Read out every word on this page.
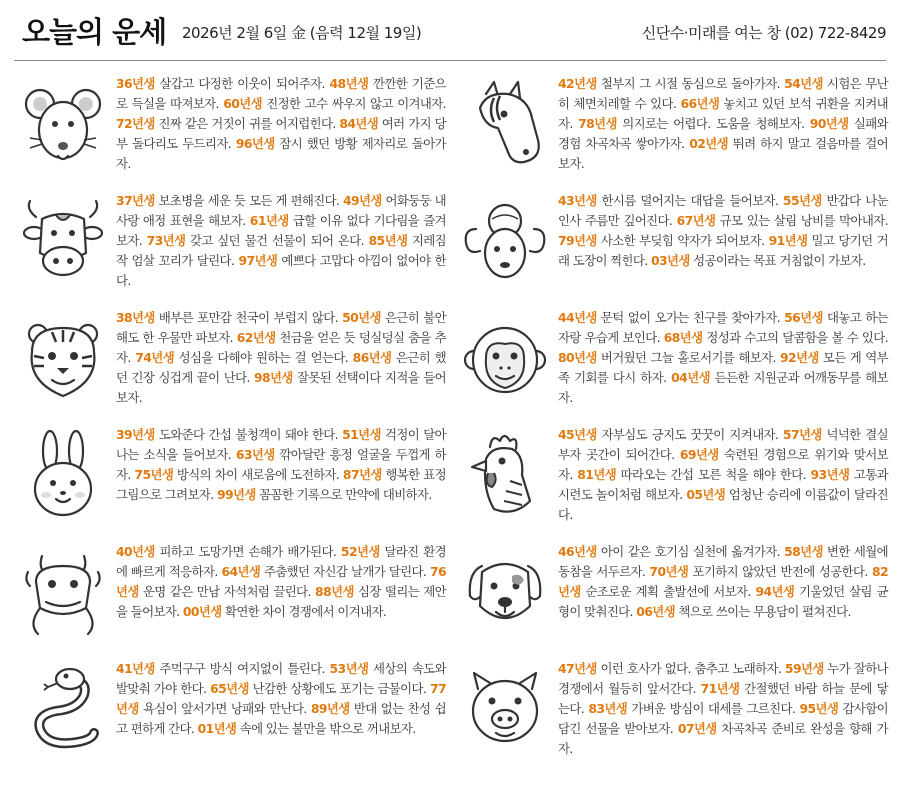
오늘의 운세 2026년 2월 6일 金 (음력 12월 19일)	신단수·미래를 여는 창 (02) 722-8429
36년생 살갑고 다정한 이웃이 되어주자. 48년생 깐깐한 기준으로 득실을 따져보자. 60년생 진정한 고수 싸우지 않고 이겨내자. 72년생 진짜 같은 거짓이 귀를 어지럽힌다. 84년생 여러 가지 당부 돌다리도 두드리자. 96년생 잠시 했던 방황 제자리로 돌아가자.
37년생 보초병을 세운 듯 모든 게 편해진다. 49년생 어화둥둥 내 사랑 애정 표현을 해보자. 61년생 급할 이유 없다 기다림을 즐겨보자. 73년생 갖고 싶던 물건 선물이 되어 온다. 85년생 지레짐작 엄살 꼬리가 달린다. 97년생 예쁘다 고맙다 아낌이 없어야 한다.
38년생 배부른 포만감 천국이 부럽지 않다. 50년생 은근히 불안해도 한 우물만 파보자. 62년생 천금을 얻은 듯 덩실덩실 춤을 추자. 74년생 성심을 다해야 원하는 걸 얻는다. 86년생 은근히 했던 긴장 싱겁게 끝이 난다. 98년생 잘못된 선택이다 지적을 들어보자.
39년생 도와준다 간섭 불청객이 돼야 한다. 51년생 걱정이 달아나는 소식을 들어보자. 63년생 깎아달란 흥정 얼굴을 두껍게 하자. 75년생 방식의 차이 새로움에 도전하자. 87년생 행복한 표정 그림으로 그려보자. 99년생 꼼꼼한 기록으로 만약에 대비하자.
40년생 피하고 도망가면 손해가 배가된다. 52년생 달라진 환경에 빠르게 적응하자. 64년생 주춤했던 자신감 날개가 달린다. 76년생 운명 같은 만남 자석처럼 끌린다. 88년생 심장 떨리는 제안을 들어보자. 00년생 확연한 차이 경쟁에서 이겨내자.
41년생 주먹구구 방식 여지없이 틀린다. 53년생 세상의 속도와 발맞춰 가야 한다. 65년생 난감한 상황에도 포기는 금물이다. 77년생 욕심이 앞서가면 낭패와 만난다. 89년생 반대 없는 찬성 쉽고 편하게 간다. 01년생 속에 있는 불만을 밖으로 꺼내보자.
42년생 철부지 그 시절 동심으로 돌아가자. 54년생 시험은 무난히 체면치레할 수 있다. 66년생 놓치고 있던 보석 귀환을 지켜내자. 78년생 의지로는 어렵다. 도움을 청해보자. 90년생 실패와 경험 차곡차곡 쌓아가자. 02년생 뛰려 하지 말고 걸음마를 걸어보자.
43년생 한시름 덜어지는 대답을 들어보자. 55년생 반갑다 나눈 인사 주름만 깊어진다. 67년생 규모 있는 살림 낭비를 막아내자. 79년생 사소한 부딪힘 약자가 되어보자. 91년생 밀고 당기던 거래 도장이 찍힌다. 03년생 성공이라는 목표 거침없이 가보자.
44년생 문턱 없이 오가는 친구를 찾아가자. 56년생 대놓고 하는 자랑 우습게 보인다. 68년생 정성과 수고의 달콤함을 볼 수 있다. 80년생 버거웠던 그늘 홀로서기를 해보자. 92년생 모든 게 역부족 기회를 다시 하자. 04년생 든든한 지원군과 어깨동무를 해보자.
45년생 자부심도 긍지도 꿋꿋이 지켜내자. 57년생 넉넉한 결실 부자 곳간이 되어간다. 69년생 숙련된 경험으로 위기와 맞서보자. 81년생 따라오는 간섭 모른 척을 해야 한다. 93년생 고통과 시련도 놀이처럼 해보자. 05년생 엄청난 승리에 이름값이 달라진다.
46년생 아이 같은 호기심 실천에 옮겨가자. 58년생 변한 세월에 동참을 서두르자. 70년생 포기하지 않았던 반전에 성공한다. 82년생 순조로운 계획 출발선에 서보자. 94년생 기울었던 살림 균형이 맞춰진다. 06년생 책으로 쓰이는 무용담이 펼쳐진다.
47년생 이런 호사가 없다. 춤추고 노래하자. 59년생 누가 잘하나 경쟁에서 월등히 앞서간다. 71년생 간절했던 바람 하늘 문에 닿는다. 83년생 가벼운 방심이 대세를 그르친다. 95년생 감사함이 담긴 선물을 받아보자. 07년생 차곡차곡 준비로 완성을 향해 가자.
